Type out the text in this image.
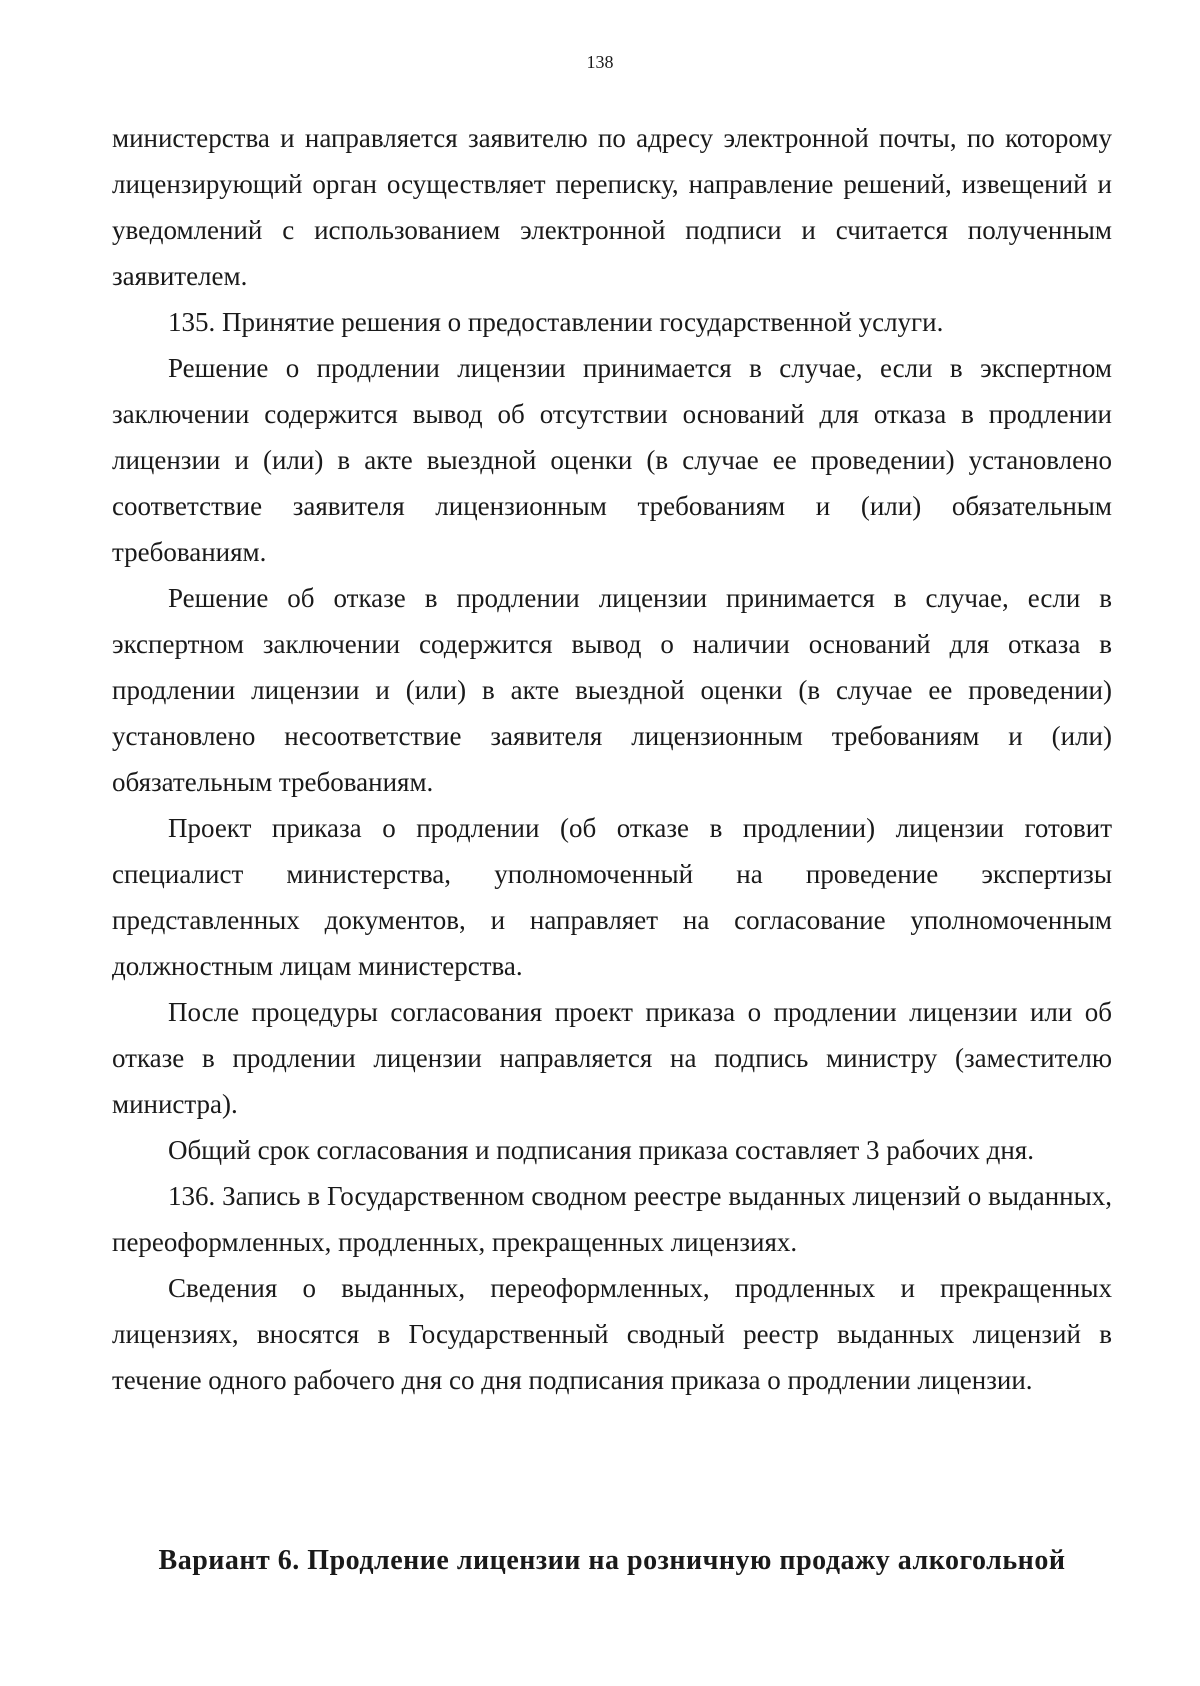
138

министерства и направляется заявителю по адресу электронной почты, по которому лицензирующий орган осуществляет переписку, направление решений, извещений и уведомлений с использованием электронной подписи и считается полученным заявителем.

135. Принятие решения о предоставлении государственной услуги.

Решение о продлении лицензии принимается в случае, если в экспертном заключении содержится вывод об отсутствии оснований для отказа в продлении лицензии и (или) в акте выездной оценки (в случае ее проведении) установлено соответствие заявителя лицензионным требованиям и (или) обязательным требованиям.

Решение об отказе в продлении лицензии принимается в случае, если в экспертном заключении содержится вывод о наличии оснований для отказа в продлении лицензии и (или) в акте выездной оценки (в случае ее проведении) установлено несоответствие заявителя лицензионным требованиям и (или) обязательным требованиям.

Проект приказа о продлении (об отказе в продлении) лицензии готовит специалист министерства, уполномоченный на проведение экспертизы представленных документов, и направляет на согласование уполномоченным должностным лицам министерства.

После процедуры согласования проект приказа о продлении лицензии или об отказе в продлении лицензии направляется на подпись министру (заместителю министра).

Общий срок согласования и подписания приказа составляет 3 рабочих дня.

136. Запись в Государственном сводном реестре выданных лицензий о выданных, переоформленных, продленных, прекращенных лицензиях.

Сведения о выданных, переоформленных, продленных и прекращенных лицензиях, вносятся в Государственный сводный реестр выданных лицензий в течение одного рабочего дня со дня подписания приказа о продлении лицензии.

Вариант 6. Продление лицензии на розничную продажу алкогольной
